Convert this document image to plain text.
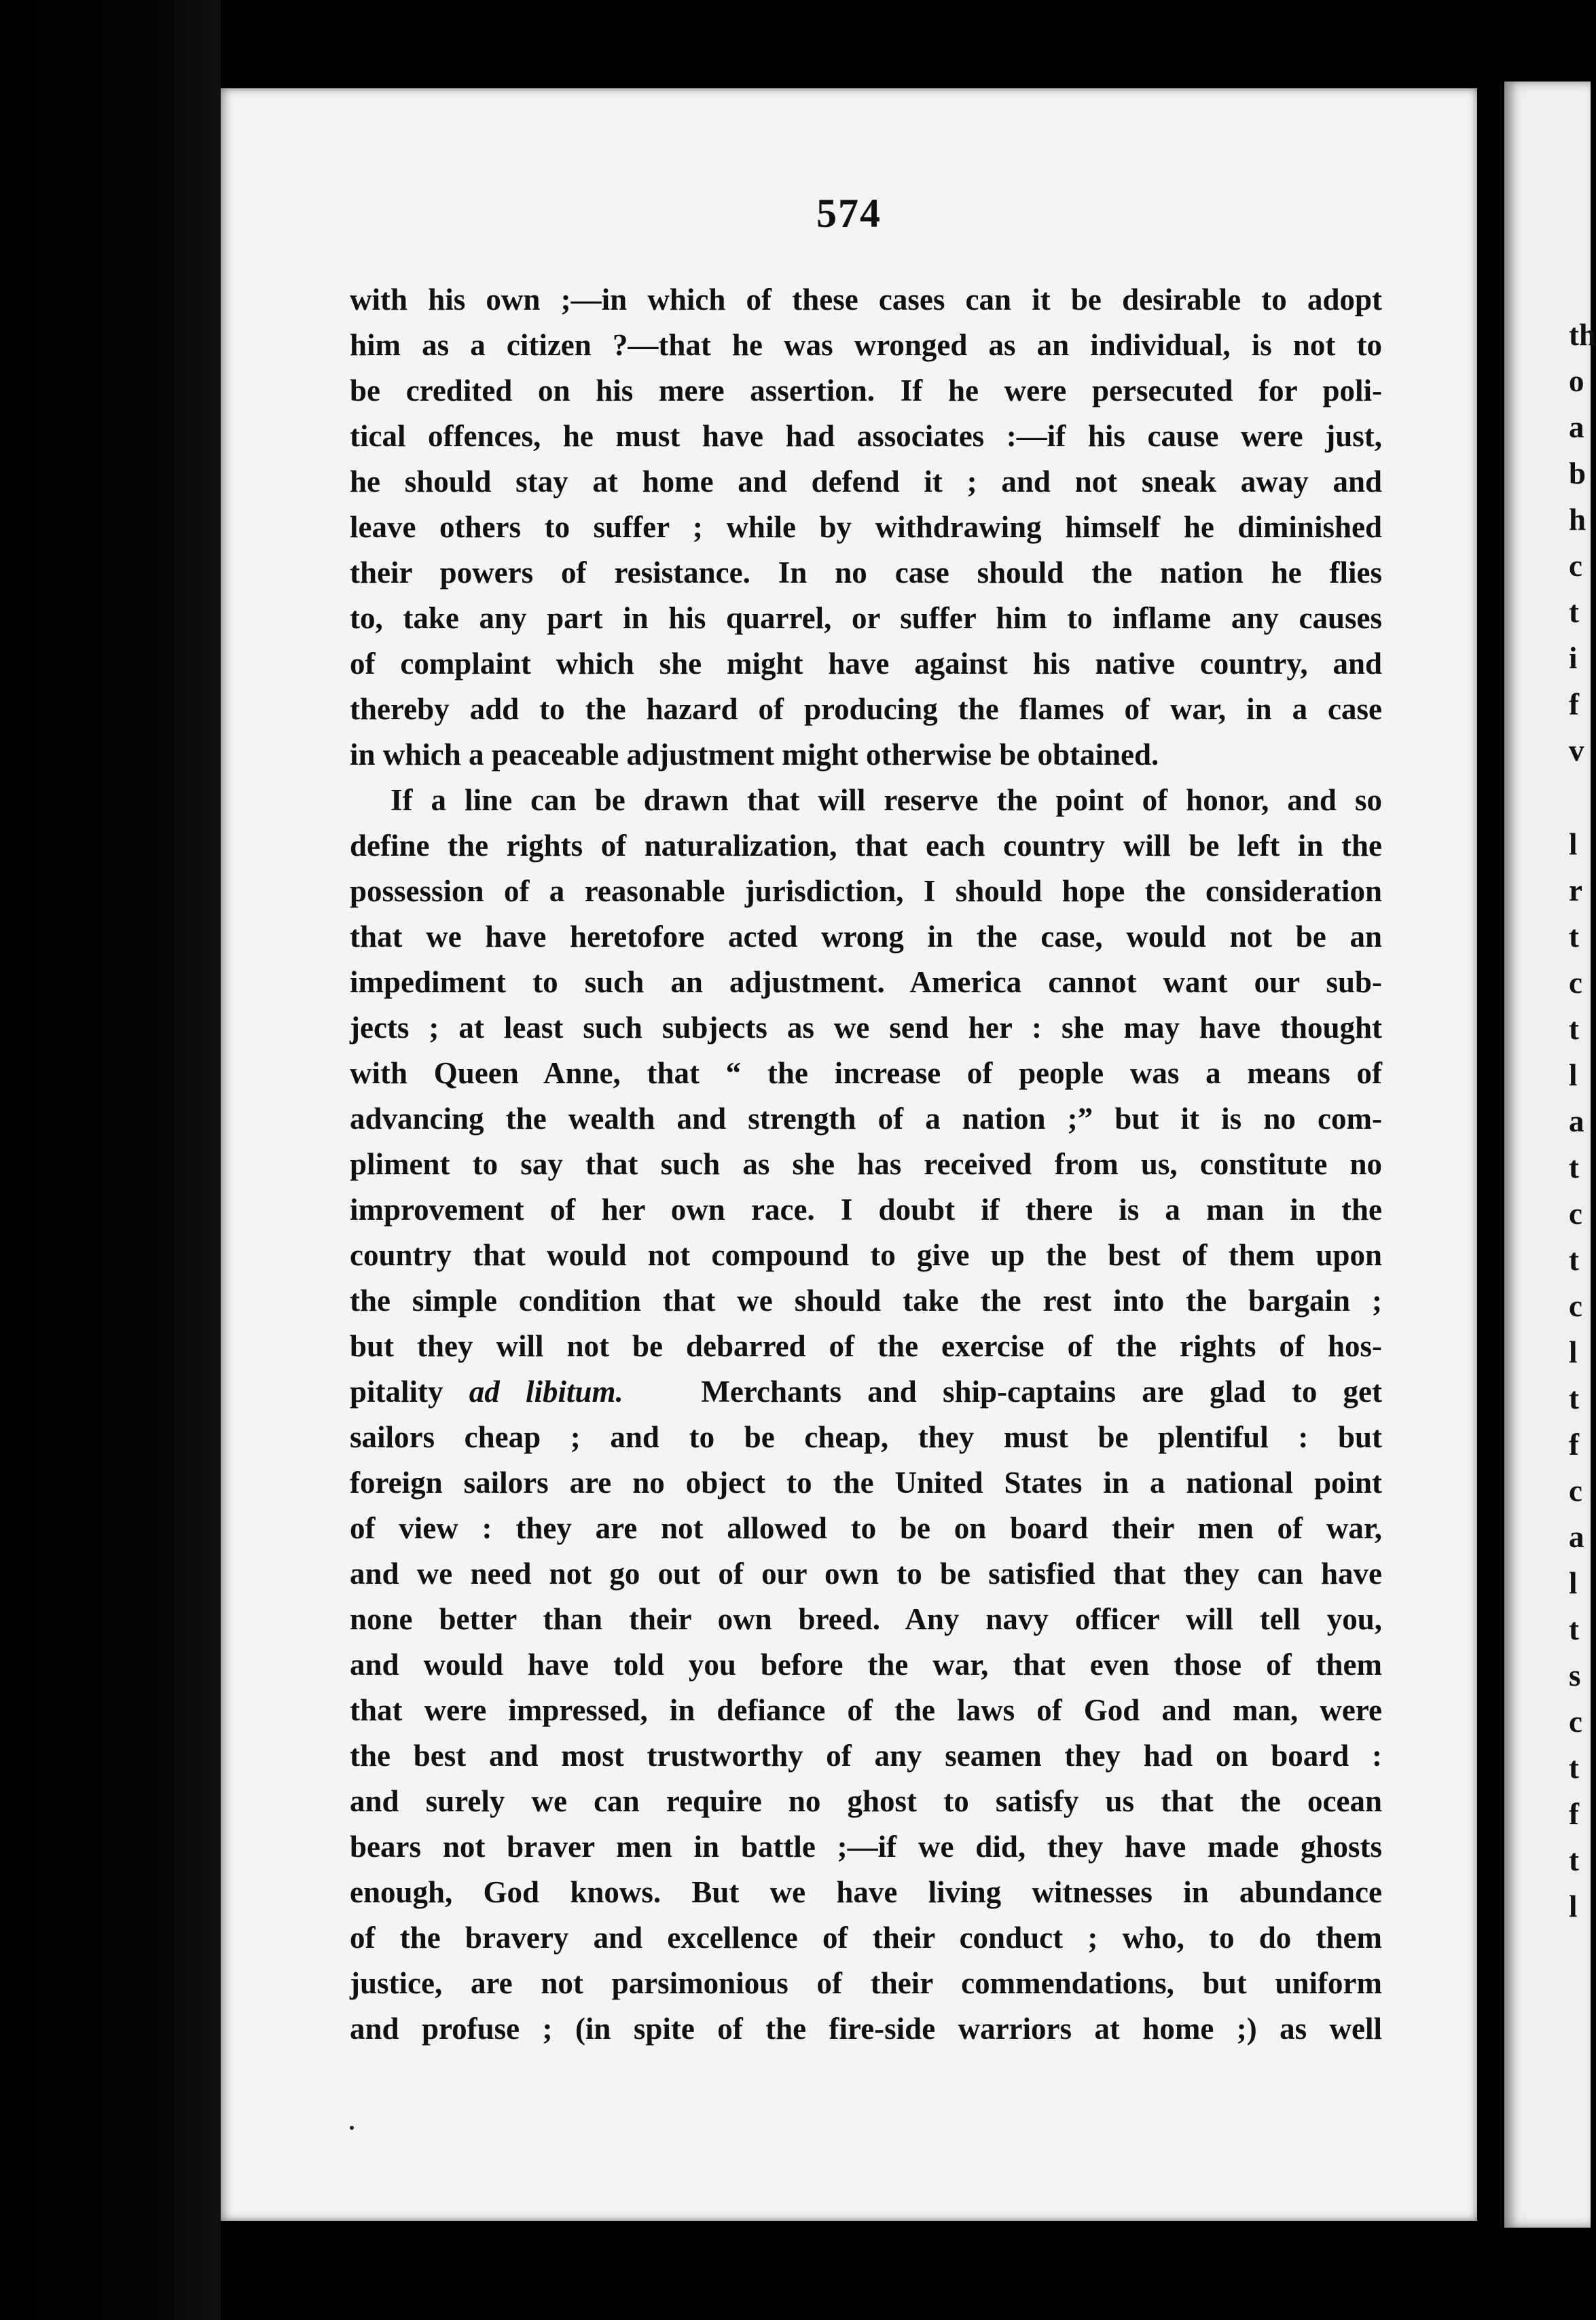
574
with his own ;—in which of these cases can it be desirable to adopt
him as a citizen ?—that he was wronged as an individual, is not to
be credited on his mere assertion. If he were persecuted for poli-
tical offences, he must have had associates :—if his cause were just,
he should stay at home and defend it ; and not sneak away and
leave others to suffer ; while by withdrawing himself he diminished
their powers of resistance. In no case should the nation he flies
to, take any part in his quarrel, or suffer him to inflame any causes
of complaint which she might have against his native country, and
thereby add to the hazard of producing the flames of war, in a case
in which a peaceable adjustment might otherwise be obtained.
If a line can be drawn that will reserve the point of honor, and so
define the rights of naturalization, that each country will be left in the
possession of a reasonable jurisdiction, I should hope the consideration
that we have heretofore acted wrong in the case, would not be an
impediment to such an adjustment. America cannot want our sub-
jects ; at least such subjects as we send her : she may have thought
with Queen Anne, that “ the increase of people was a means of
advancing the wealth and strength of a nation ;” but it is no com-
pliment to say that such as she has received from us, constitute no
improvement of her own race. I doubt if there is a man in the
country that would not compound to give up the best of them upon
the simple condition that we should take the rest into the bargain ;
but they will not be debarred of the exercise of the rights of hos-
pitality ad libitum.	Merchants and ship-captains are glad to get
sailors cheap ; and to be cheap, they must be plentiful : but
foreign sailors are no object to the United States in a national point
of view : they are not allowed to be on board their men of war,
and we need not go out of our own to be satisfied that they can have
none better than their own breed. Any navy officer will tell you,
and would have told you before the war, that even those of them
that were impressed, in defiance of the laws of God and man, were
the best and most trustworthy of any seamen they had on board :
and surely we can require no ghost to satisfy us that the ocean
bears not braver men in battle ;—if we did, they have made ghosts
enough, God knows. But we have living witnesses in abundance
of the bravery and excellence of their conduct ; who, to do them
justice, are not parsimonious of their commendations, but uniform
and profuse ; (in spite of the fire-side warriors at home ;) as well
th
o
a
b
h
c
t
i
f
v
l
r
t
c
t
l
a
t
c
t
c
l
t
f
c
a
l
t
s
c
t
f
t
l
